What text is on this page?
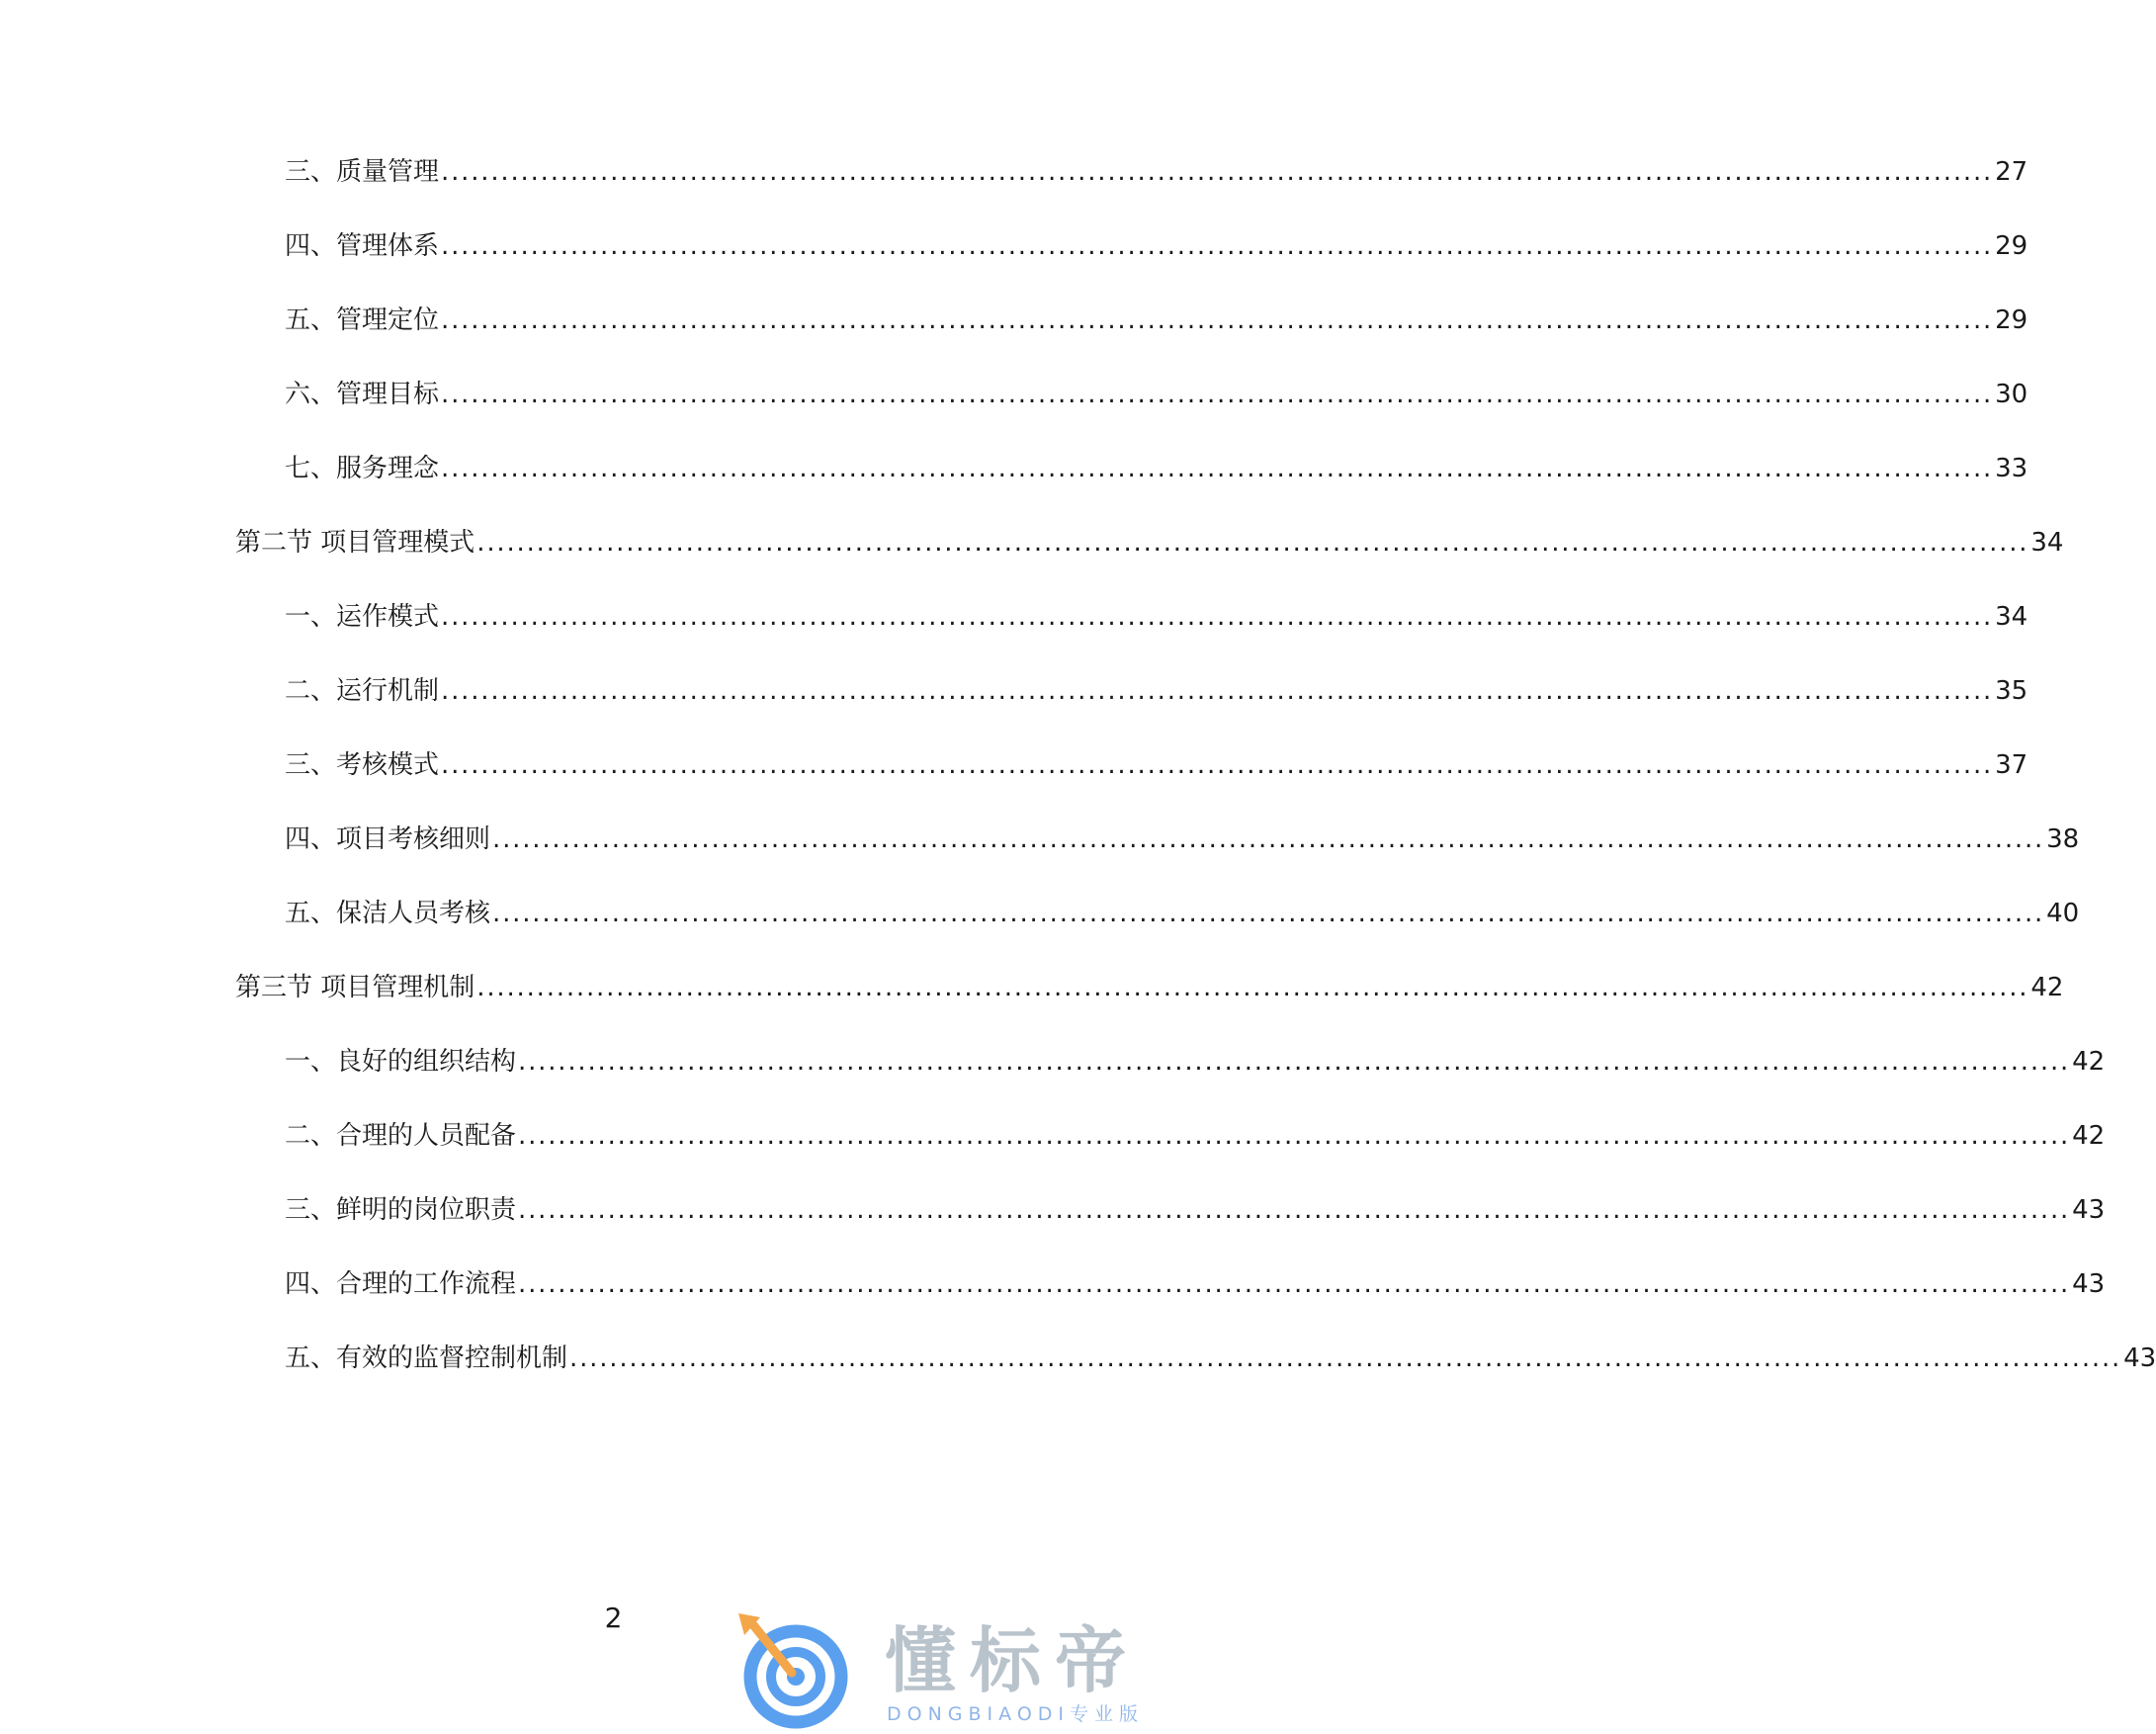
三、质量管理 ............................................................................................................................................................ 27
四、管理体系 ............................................................................................................................................................ 29
五、管理定位 ............................................................................................................................................................ 29
六、管理目标 ............................................................................................................................................................ 30
七、服务理念 ............................................................................................................................................................ 33
第二节 项目管理模式 ............................................................................................................................................................ 34
一、运作模式 ............................................................................................................................................................ 34
二、运行机制 ............................................................................................................................................................ 35
三、考核模式 ............................................................................................................................................................ 37
四、项目考核细则 ............................................................................................................................................................ 38
五、保洁人员考核 ............................................................................................................................................................ 40
第三节 项目管理机制 ............................................................................................................................................................ 42
一、良好的组织结构 ............................................................................................................................................................ 42
二、合理的人员配备 ............................................................................................................................................................ 42
三、鲜明的岗位职责 ............................................................................................................................................................ 43
四、合理的工作流程 ............................................................................................................................................................ 43
五、有效的监督控制机制 ............................................................................................................................................................ 43
2
懂标帝
DONGBIAODI专业版
